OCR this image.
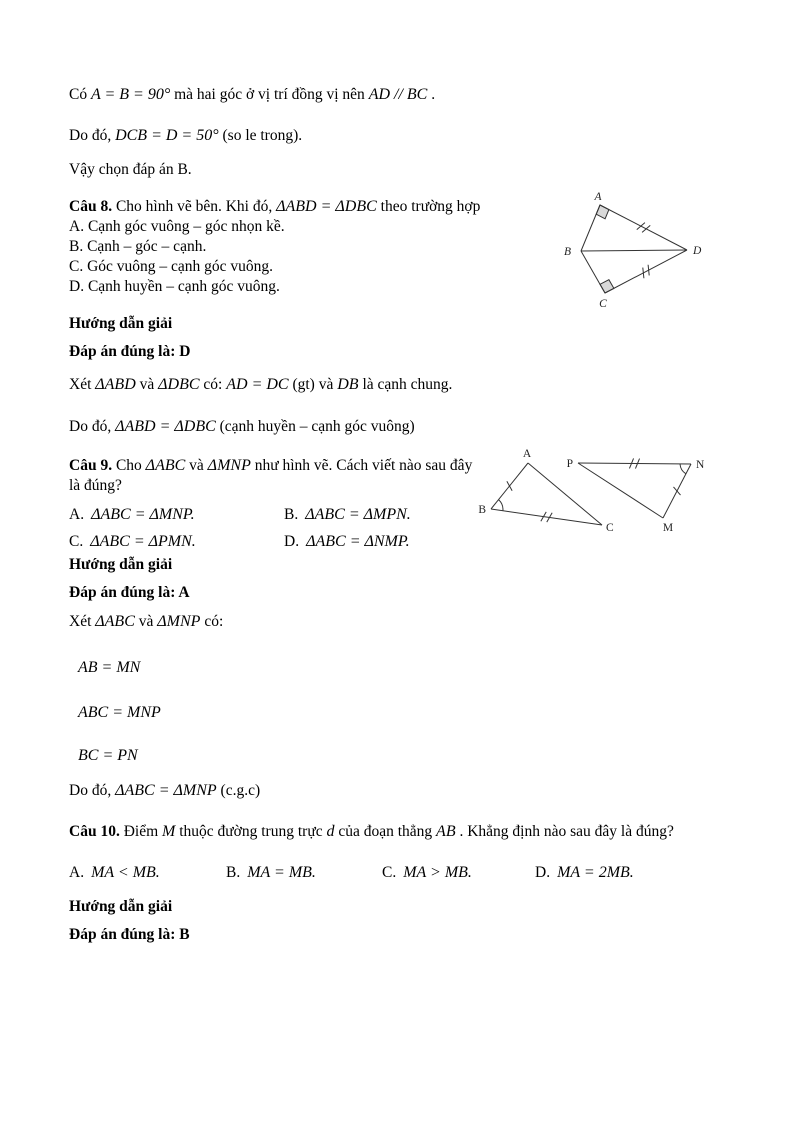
Có A = B = 90° mà hai góc ở vị trí đồng vị nên AD // BC .

Do đó, DCB = D = 50° (so le trong).

Vậy chọn đáp án B.

Câu 8. Cho hình vẽ bên. Khi đó, ΔABD = ΔDBC theo trường hợp

A. Cạnh góc vuông – góc nhọn kề.

B. Cạnh – góc – cạnh.

C. Góc vuông – cạnh góc vuông.

D. Cạnh huyền – cạnh góc vuông.

A
B	D
C

Hướng dẫn giải

Đáp án đúng là: D

Xét ΔABD và ΔDBC có: AD = DC (gt) và DB là cạnh chung.

Do đó, ΔABD = ΔDBC (cạnh huyền – cạnh góc vuông)

Câu 9. Cho ΔABC và ΔMNP như hình vẽ. Cách viết nào sau đây là đúng?

A. ΔABC = ΔMNP.	B. ΔABC = ΔMPN.

C. ΔABC = ΔPMN.	D. ΔABC = ΔNMP.

A
B
C
P	N
M

Hướng dẫn giải

Đáp án đúng là: A

Xét ΔABC và ΔMNP có:

AB = MN

ABC = MNP

BC = PN

Do đó, ΔABC = ΔMNP (c.g.c)

Câu 10. Điểm M thuộc đường trung trực d của đoạn thẳng AB . Khẳng định nào sau đây là đúng?

A. MA < MB.	B. MA = MB.	C. MA > MB.	D. MA = 2MB.

Hướng dẫn giải

Đáp án đúng là: B
